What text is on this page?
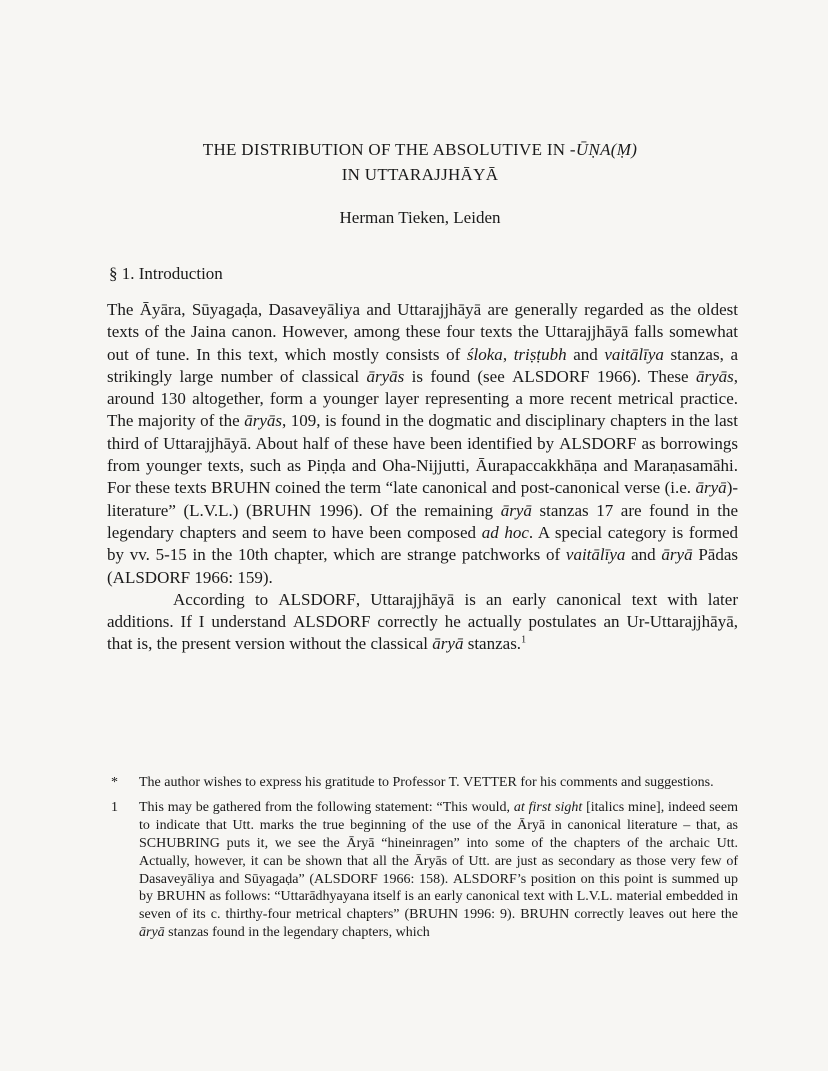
THE DISTRIBUTION OF THE ABSOLUTIVE IN -ŪṆA(Ṃ)
IN UTTARAJJHĀYĀ
Herman Tieken, Leiden
§ 1. Introduction

The Āyāra, Sūyagaḍa, Dasaveyāliya and Uttarajjhāyā are generally regarded as the oldest texts of the Jaina canon. However, among these four texts the Uttarajjhāyā falls somewhat out of tune. In this text, which mostly consists of śloka, triṣṭubh and vaitālīya stanzas, a strikingly large number of classical āryās is found (see ALSDORF 1966). These āryās, around 130 altogether, form a younger layer representing a more recent metrical practice. The majority of the āryās, 109, is found in the dogmatic and disciplinary chapters in the last third of Uttarajjhāyā. About half of these have been identified by ALSDORF as borrowings from younger texts, such as Piṇḍa and Oha-Nijjutti, Āurapaccakkhāṇa and Maraṇasamāhi. For these texts BRUHN coined the term “late canonical and post-canonical verse (i.e. āryā)-literature” (L.V.L.) (BRUHN 1996). Of the remaining āryā stanzas 17 are found in the legendary chapters and seem to have been composed ad hoc. A special category is formed by vv. 5-15 in the 10th chapter, which are strange patchworks of vaitālīya and āryā Pādas (ALSDORF 1966: 159).

According to ALSDORF, Uttarajjhāyā is an early canonical text with later additions. If I understand ALSDORF correctly he actually postulates an Ur-Uttarajjhāyā, that is, the present version without the classical āryā stanzas.$^1$

* The author wishes to express his gratitude to Professor T. VETTER for his comments and suggestions.

1 This may be gathered from the following statement: “This would, at first sight [italics mine], indeed seem to indicate that Utt. marks the true beginning of the use of the Āryā in canonical literature – that, as SCHUBRING puts it, we see the Āryā “hineinragen” into some of the chapters of the archaic Utt. Actually, however, it can be shown that all the Āryās of Utt. are just as secondary as those very few of Dasaveyāliya and Sūyagaḍa” (ALSDORF 1966: 158). ALSDORF’s position on this point is summed up by BRUHN as follows: “Uttarādhyayana itself is an early canonical text with L.V.L. material embedded in seven of its c. thirthy-four metrical chapters” (BRUHN 1996: 9). BRUHN correctly leaves out here the āryā stanzas found in the legendary chapters, which
